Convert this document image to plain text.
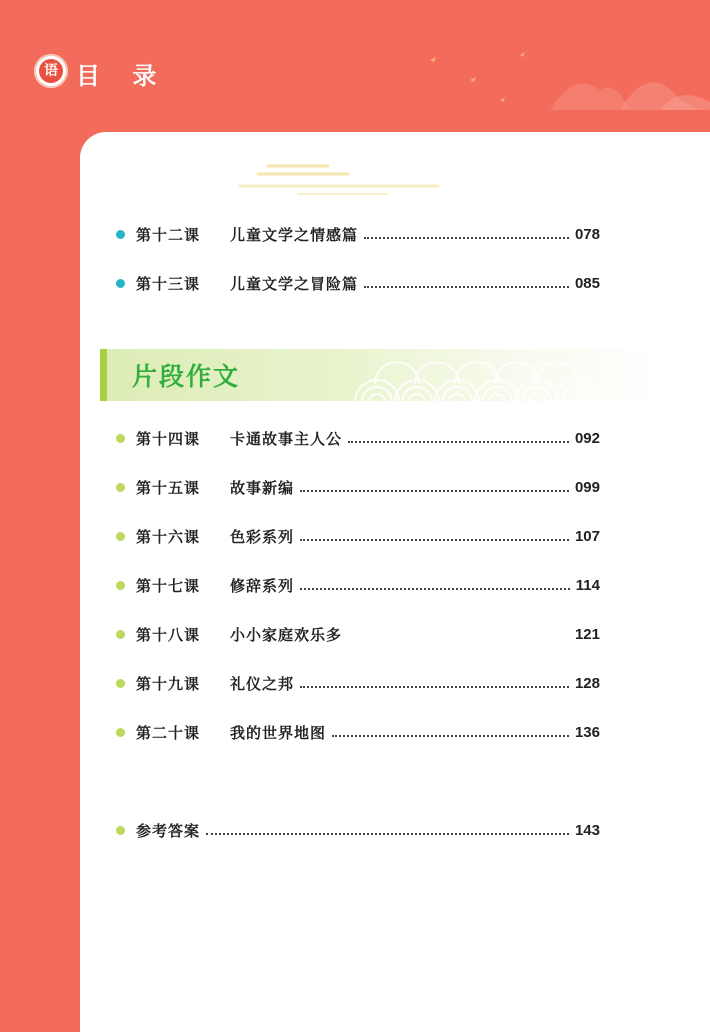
语 目 录
第十二课	儿童文学之情感篇	078
第十三课	儿童文学之冒险篇	085
片段作文
第十四课	卡通故事主人公	092
第十五课	故事新编	099
第十六课	色彩系列	107
第十七课	修辞系列	114
第十八课	小小家庭欢乐多	121
第十九课	礼仪之邦	128
第二十课	我的世界地图	136
参考答案	143
